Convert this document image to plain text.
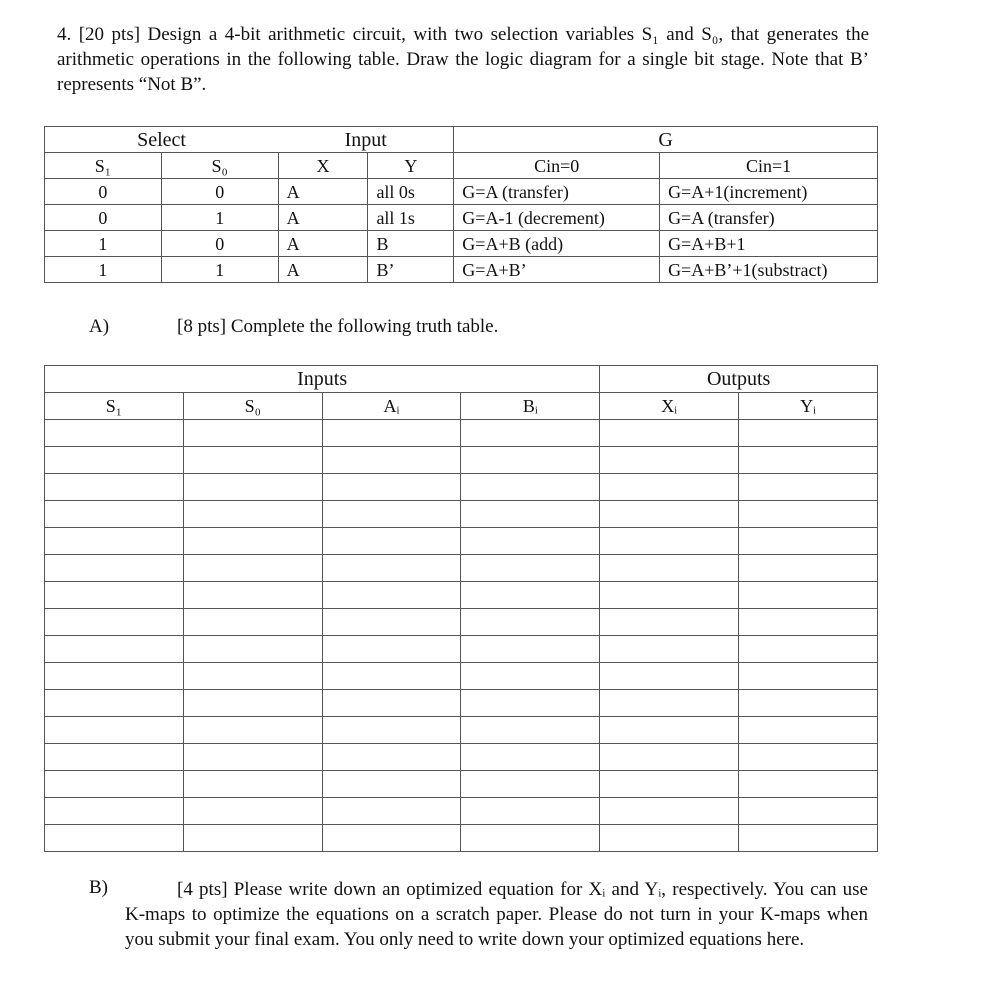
4. [20 pts] Design a 4-bit arithmetic circuit, with two selection variables S₁ and S₀, that generates the arithmetic operations in the following table. Draw the logic diagram for a single bit stage. Note that B’ represents “Not B”.
Select		Input		G	
S₁	S₀	X	Y	Cin=0	Cin=1
0	0	A	all 0s	G=A (transfer)	G=A+1(increment)
0	1	A	all 1s	G=A-1 (decrement)	G=A (transfer)
1	0	A	B	G=A+B (add)	G=A+B+1
1	1	A	B’	G=A+B’	G=A+B’+1(substract)
A)	[8 pts] Complete the following truth table.
Inputs				Outputs	
S₁	S₀	Aᵢ	Bᵢ	Xᵢ	Yᵢ

B)	[4 pts] Please write down an optimized equation for Xᵢ and Yᵢ, respectively. You can use K-maps to optimize the equations on a scratch paper. Please do not turn in your K-maps when you submit your final exam. You only need to write down your optimized equations here.
